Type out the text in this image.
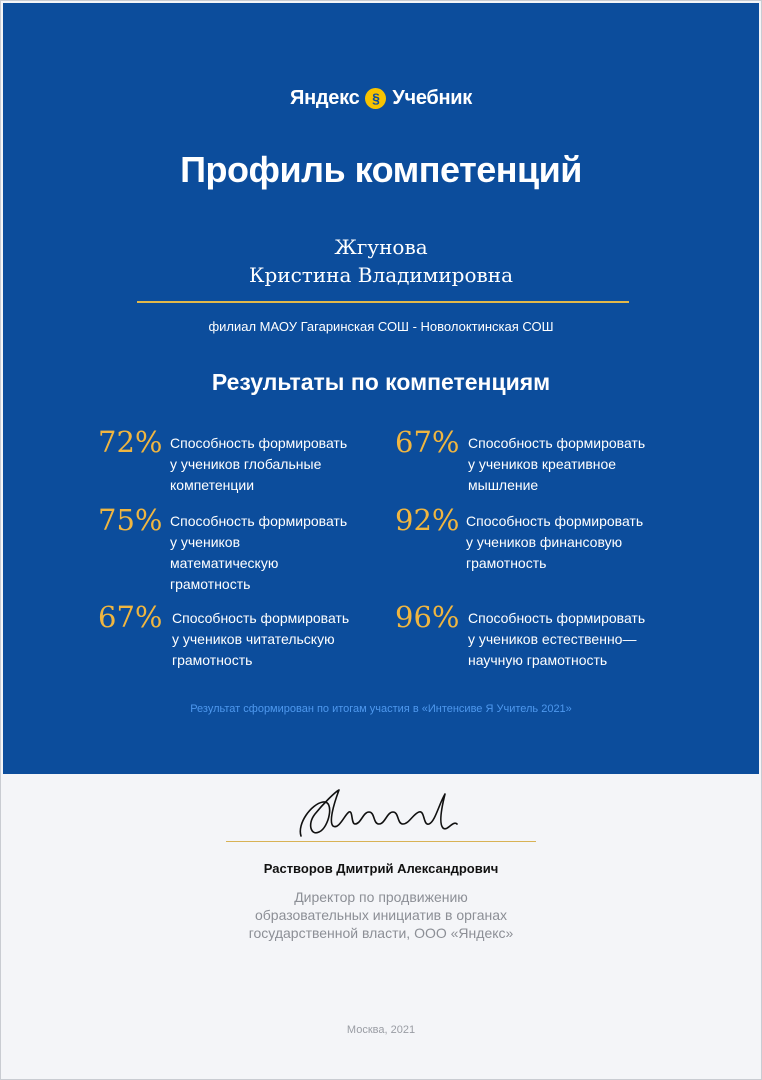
Яндекс § Учебник
Профиль компетенций
Жгунова
Кристина Владимировна
филиал МАОУ Гагаринская СОШ - Новолоктинская СОШ
Результаты по компетенциям
72% Способность формировать
у учеников глобальные
компетенции
75% Способность формировать
у учеников
математическую
грамотность
67% Способность формировать
у учеников читательскую
грамотность
67% Способность формировать
у учеников креативное
мышление
92% Способность формировать
у учеников финансовую
грамотность
96% Способность формировать
у учеников естественно—
научную грамотность
Результат сформирован по итогам участия в «Интенсиве Я Учитель 2021»
Растворов Дмитрий Александрович
Директор по продвижению
образовательных инициатив в органах
государственной власти, ООО «Яндекс»
Москва, 2021
